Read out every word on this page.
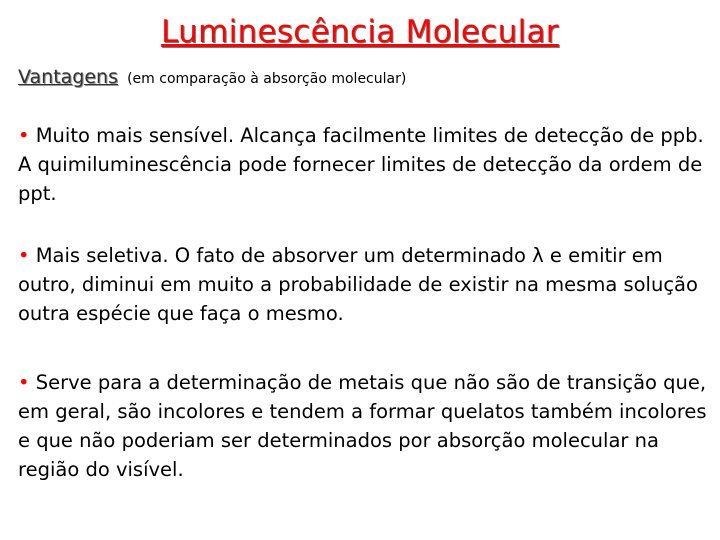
Luminescência Molecular

Vantagens (em comparação à absorção molecular)

• Muito mais sensível. Alcança facilmente limites de detecção de ppb. A quimiluminescência pode fornecer limites de detecção da ordem de ppt.

• Mais seletiva. O fato de absorver um determinado λ e emitir em outro, diminui em muito a probabilidade de existir na mesma solução outra espécie que faça o mesmo.

• Serve para a determinação de metais que não são de transição que, em geral, são incolores e tendem a formar quelatos também incolores e que não poderiam ser determinados por absorção molecular na região do visível.
